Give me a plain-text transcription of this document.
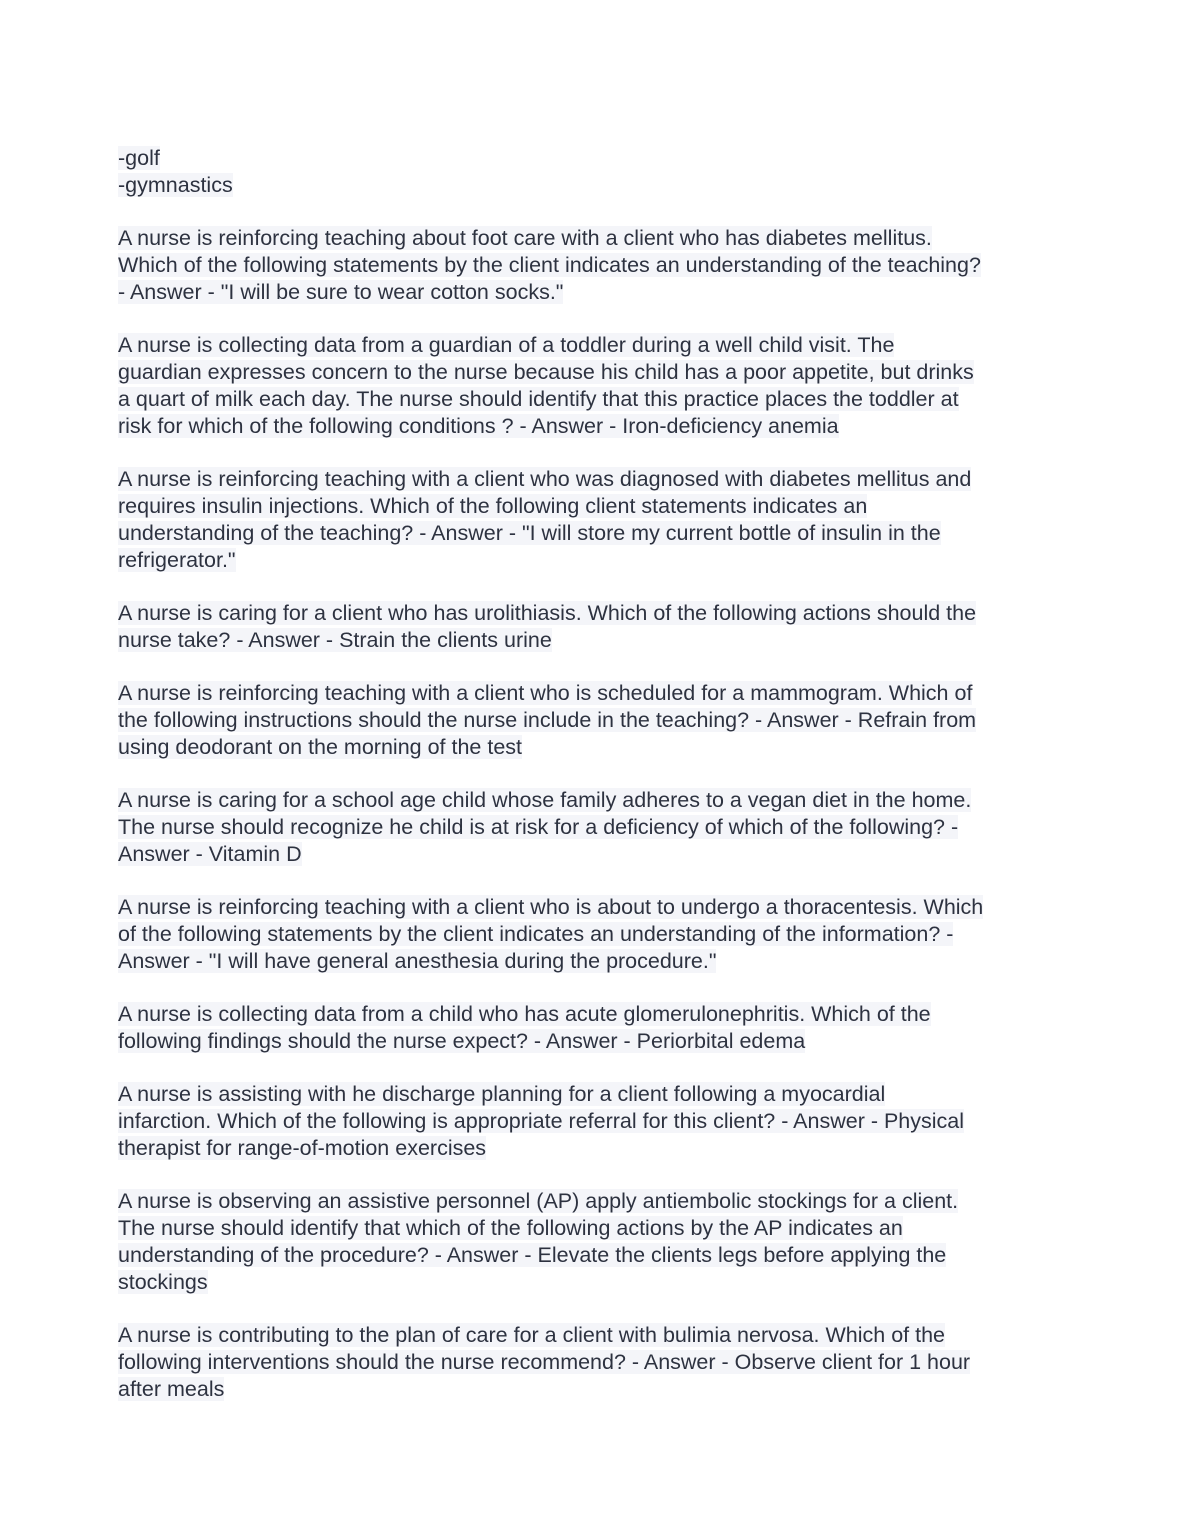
-golf
-gymnastics
A nurse is reinforcing teaching about foot care with a client who has diabetes mellitus.
Which of the following statements by the client indicates an understanding of the teaching?
- Answer - "I will be sure to wear cotton socks."
A nurse is collecting data from a guardian of a toddler during a well child visit. The
guardian expresses concern to the nurse because his child has a poor appetite, but drinks
a quart of milk each day. The nurse should identify that this practice places the toddler at
risk for which of the following conditions ? - Answer - Iron-deficiency anemia
A nurse is reinforcing teaching with a client who was diagnosed with diabetes mellitus and
requires insulin injections. Which of the following client statements indicates an
understanding of the teaching? - Answer - "I will store my current bottle of insulin in the
refrigerator."
A nurse is caring for a client who has urolithiasis. Which of the following actions should the
nurse take? - Answer - Strain the clients urine
A nurse is reinforcing teaching with a client who is scheduled for a mammogram. Which of
the following instructions should the nurse include in the teaching? - Answer - Refrain from
using deodorant on the morning of the test
A nurse is caring for a school age child whose family adheres to a vegan diet in the home.
The nurse should recognize he child is at risk for a deficiency of which of the following? -
Answer - Vitamin D
A nurse is reinforcing teaching with a client who is about to undergo a thoracentesis. Which
of the following statements by the client indicates an understanding of the information? -
Answer - "I will have general anesthesia during the procedure."
A nurse is collecting data from a child who has acute glomerulonephritis. Which of the
following findings should the nurse expect? - Answer - Periorbital edema
A nurse is assisting with he discharge planning for a client following a myocardial
infarction. Which of the following is appropriate referral for this client? - Answer - Physical
therapist for range-of-motion exercises
A nurse is observing an assistive personnel (AP) apply antiembolic stockings for a client.
The nurse should identify that which of the following actions by the AP indicates an
understanding of the procedure? - Answer - Elevate the clients legs before applying the
stockings
A nurse is contributing to the plan of care for a client with bulimia nervosa. Which of the
following interventions should the nurse recommend? - Answer - Observe client for 1 hour
after meals
